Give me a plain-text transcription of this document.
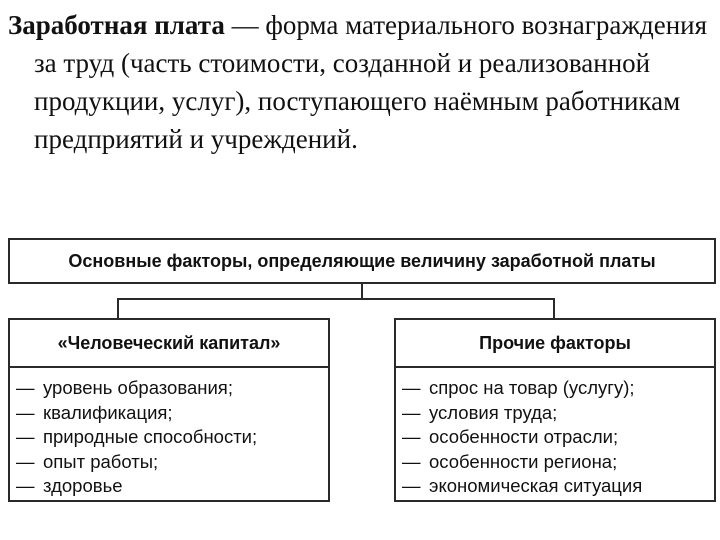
Заработная плата — форма материального вознаграждения за труд (часть стоимости, созданной и реализованной продукции, услуг), поступающего наёмным работникам предприятий и учреждений.
Основные факторы, определяющие величину заработной платы
«Человеческий капитал»
— уровень образования;
— квалификация;
— природные способности;
— опыт работы;
— здоровье
Прочие факторы
— спрос на товар (услугу);
— условия труда;
— особенности отрасли;
— особенности региона;
— экономическая ситуация
